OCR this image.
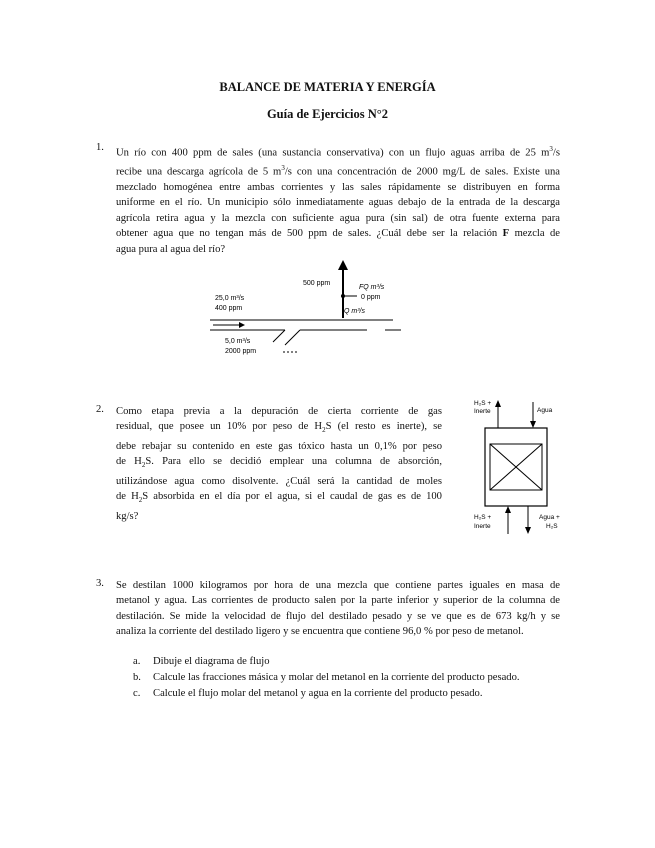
BALANCE DE MATERIA Y ENERGÍA
Guía de Ejercicios N°2
1.
Un río con 400 ppm de sales (una sustancia conservativa) con un flujo aguas arriba de 25 $m^3/s$
recibe una descarga agrícola de 5 $m^3/s$ con una concentración de 2000 mg/L de sales. Existe una
mezclado homogénea entre ambas corrientes y las sales rápidamente se distribuyen en forma
uniforme en el río. Un municipio sólo inmediatamente aguas debajo de la entrada de la descarga
agrícola retira agua y la mezcla con suficiente agua pura (sin sal) de otra fuente externa para
obtener agua que no tengan más de 500 ppm de sales. ¿Cuál debe ser la relación F mezcla de
agua pura al agua del río?
500 ppm
FQ m³/s
0 ppm
Q m³/s
25,0 m³/s
400 ppm
5,0 m³/s
2000 ppm
2. Como etapa previa a la depuración de cierta corriente de gas
residual, que posee un 10% por peso de $H_2S$ (el resto es inerte), se
debe rebajar su contenido en este gas tóxico hasta un 0,1% por peso
de $H_2S$. Para ello se decidió emplear una columna de absorción,
utilizándose agua como disolvente. ¿Cuál será la cantidad de moles
de $H_2S$ absorbida en el día por el agua, si el caudal de gas es de 100
kg/s?
H₂S +
Inerte	Agua
H₂S +
Inerte
Agua +
H₂S
3. Se destilan 1000 kilogramos por hora de una mezcla que contiene partes iguales en masa de
metanol y agua. Las corrientes de producto salen por la parte inferior y superior de la columna de
destilación. Se mide la velocidad de flujo del destilado pesado y se ve que es de 673 kg/h y se
analiza la corriente del destilado ligero y se encuentra que contiene 96,0 % por peso de metanol.
a. Dibuje el diagrama de flujo
b. Calcule las fracciones másica y molar del metanol en la corriente del producto pesado.
c. Calcule el flujo molar del metanol y agua en la corriente del producto pesado.
